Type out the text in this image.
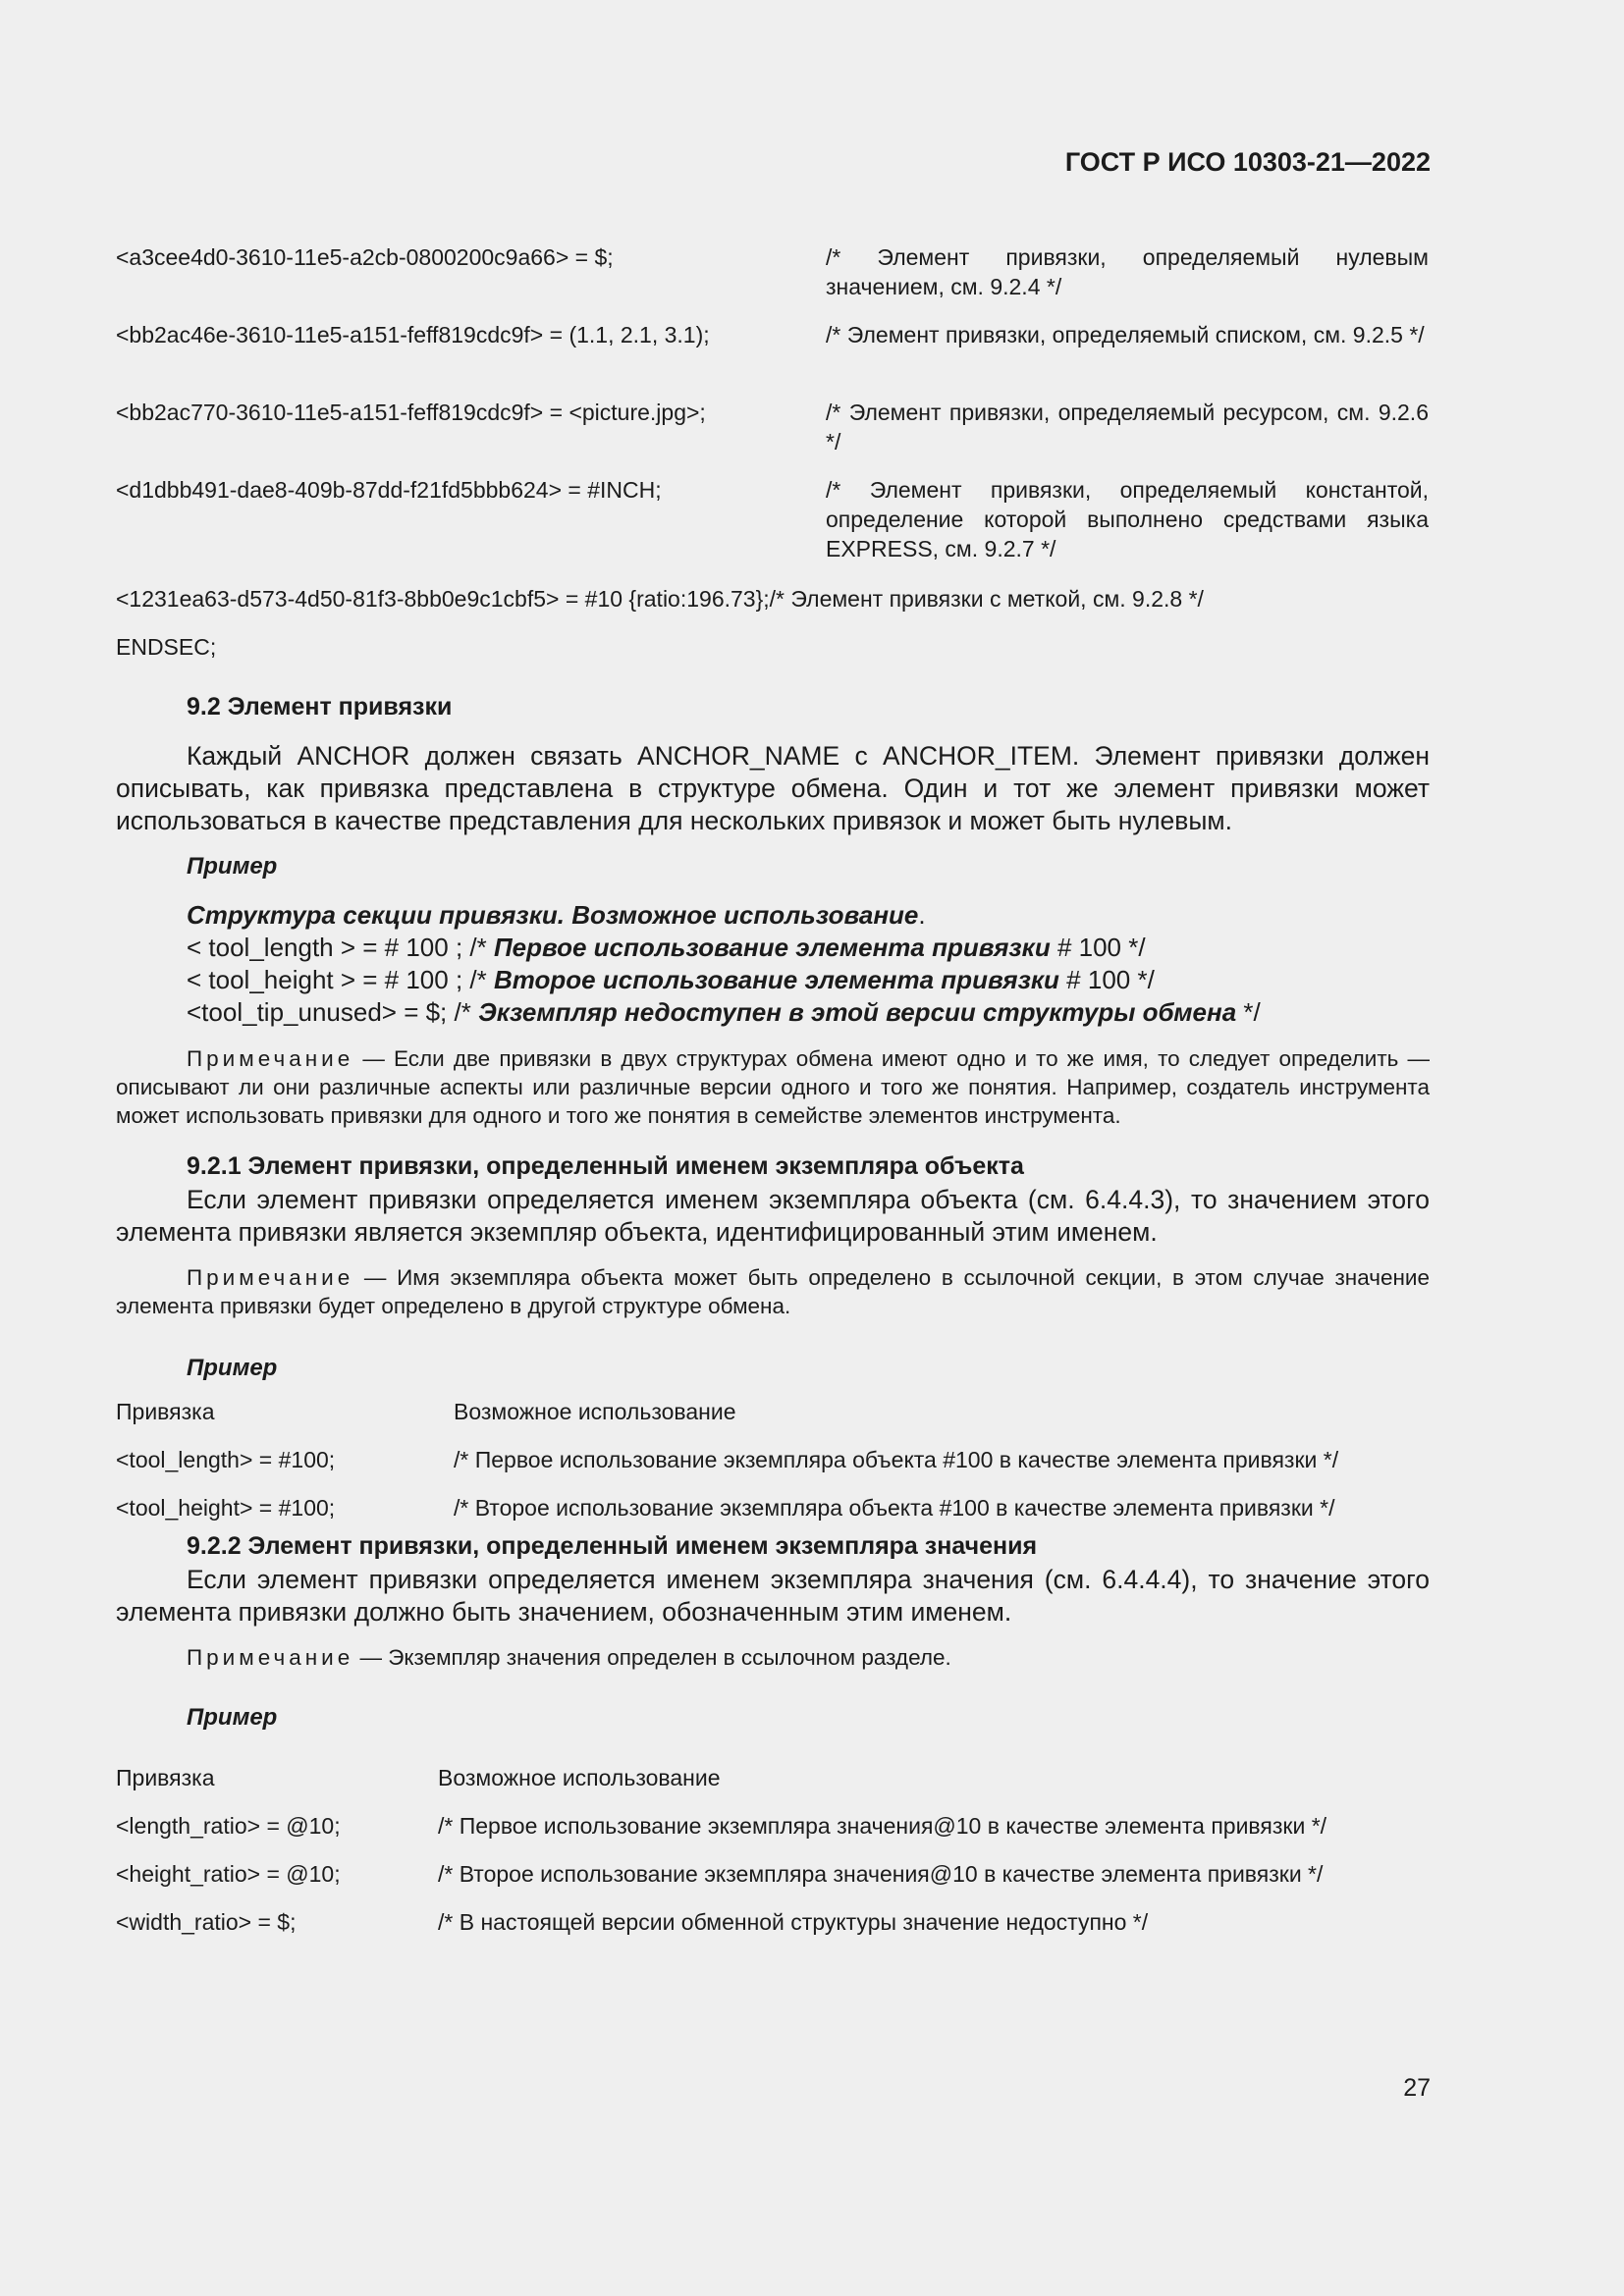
ГОСТ Р ИСО 10303-21—2022
<a3cee4d0-3610-11e5-a2cb-0800200c9a66> = $;	/* Элемент привязки, определяемый нулевым значением, см. 9.2.4 */
<bb2ac46e-3610-11e5-a151-feff819cdc9f> = (1.1, 2.1, 3.1);	/* Элемент привязки, определяемый списком, см. 9.2.5 */
<bb2ac770-3610-11e5-a151-feff819cdc9f> = <picture.jpg>;	/* Элемент привязки, определяемый ресурсом, см. 9.2.6 */
<d1dbb491-dae8-409b-87dd-f21fd5bbb624> = #INCH;	/* Элемент привязки, определяемый константой, определение которой выполнено средствами языка EXPRESS, см. 9.2.7 */
<1231ea63-d573-4d50-81f3-8bb0e9c1cbf5> = #10 {ratio:196.73};/* Элемент привязки с меткой, см. 9.2.8 */
ENDSEC;
9.2 Элемент привязки
Каждый ANCHOR должен связать ANCHOR_NAME с ANCHOR_ITEM. Элемент привязки должен описывать, как привязка представлена в структуре обмена. Один и тот же элемент привязки может использоваться в качестве представления для нескольких привязок и может быть нулевым.
Пример
Структура секции привязки. Возможное использование.
< tool_length > = # 100 ; /* Первое использование элемента привязки # 100 */
< tool_height > = # 100 ; /* Второе использование элемента привязки # 100 */
<tool_tip_unused> = $; /* Экземпляр недоступен в этой версии структуры обмена */
Примечание — Если две привязки в двух структурах обмена имеют одно и то же имя, то следует определить — описывают ли они различные аспекты или различные версии одного и того же понятия. Например, создатель инструмента может использовать привязки для одного и того же понятия в семействе элементов инструмента.
9.2.1 Элемент привязки, определенный именем экземпляра объекта
Если элемент привязки определяется именем экземпляра объекта (см. 6.4.4.3), то значением этого элемента привязки является экземпляр объекта, идентифицированный этим именем.
Примечание — Имя экземпляра объекта может быть определено в ссылочной секции, в этом случае значение элемента привязки будет определено в другой структуре обмена.
Пример
Привязка	Возможное использование
<tool_length> = #100;	/* Первое использование экземпляра объекта #100 в качестве элемента привязки */
<tool_height> = #100;	/* Второе использование экземпляра объекта #100 в качестве элемента привязки */
9.2.2 Элемент привязки, определенный именем экземпляра значения
Если элемент привязки определяется именем экземпляра значения (см. 6.4.4.4), то значение этого элемента привязки должно быть значением, обозначенным этим именем.
Примечание — Экземпляр значения определен в ссылочном разделе.
Пример
Привязка	Возможное использование
<length_ratio> = @10;	/* Первое использование экземпляра значения@10 в качестве элемента привязки */
<height_ratio> = @10;	/* Второе использование экземпляра значения@10 в качестве элемента привязки */
<width_ratio> = $;	/* В настоящей версии обменной структуры значение недоступно */
27
